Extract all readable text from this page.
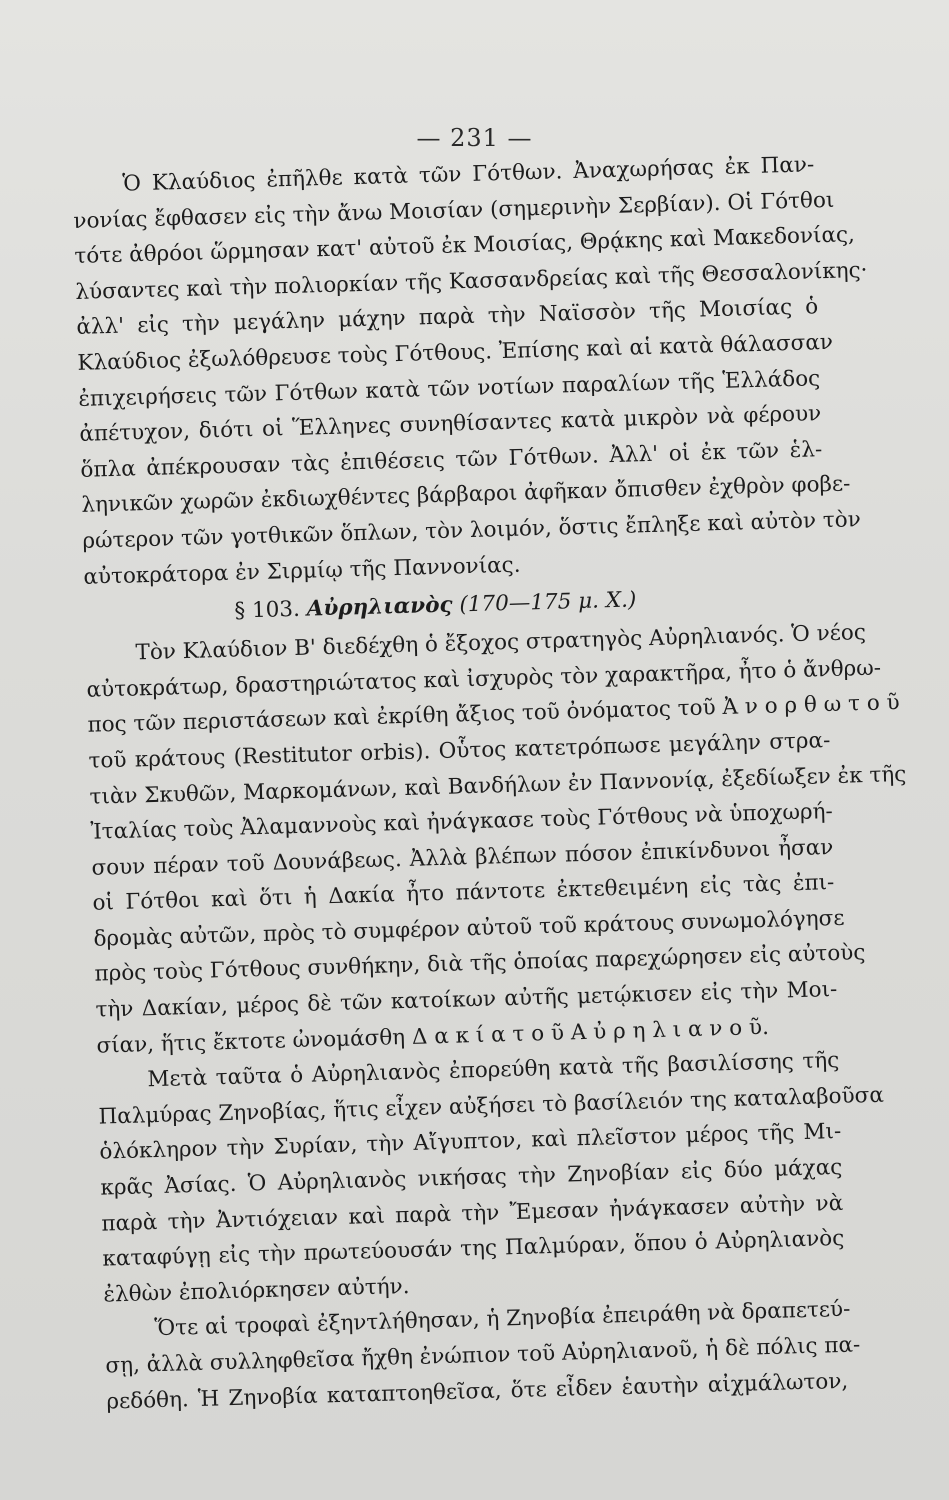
— 231 —
Ὁ Κλαύδιος ἐπῆλθε κατὰ τῶν Γότθων. Ἀναχωρήσας ἐκ Παν-
νονίας ἔφθασεν εἰς τὴν ἄνω Μοισίαν (σημερινὴν Σερβίαν). Οἱ Γότθοι
τότε ἀθρόοι ὥρμησαν κατ' αὐτοῦ ἐκ Μοισίας, Θρᾴκης καὶ Μακεδονίας,
λύσαντες καὶ τὴν πολιορκίαν τῆς Κασσανδρείας καὶ τῆς Θεσσαλονίκης·
ἀλλ' εἰς τὴν μεγάλην μάχην παρὰ τὴν Ναϊσσὸν τῆς Μοισίας ὁ
Κλαύδιος ἐξωλόθρευσε τοὺς Γότθους. Ἐπίσης καὶ αἱ κατὰ θάλασσαν
ἐπιχειρήσεις τῶν Γότθων κατὰ τῶν νοτίων παραλίων τῆς Ἑλλάδος
ἀπέτυχον, διότι οἱ Ἕλληνες συνηθίσαντες κατὰ μικρὸν νὰ φέρουν
ὅπλα ἀπέκρουσαν τὰς ἐπιθέσεις τῶν Γότθων. Ἀλλ' οἱ ἐκ τῶν ἑλ-
ληνικῶν χωρῶν ἐκδιωχθέντες βάρβαροι ἀφῆκαν ὄπισθεν ἐχθρὸν φοβε-
ρώτερον τῶν γοτθικῶν ὅπλων, τὸν λοιμόν, ὅστις ἔπληξε καὶ αὐτὸν τὸν
αὐτοκράτορα ἐν Σιρμίῳ τῆς Παννονίας.
§ 103. Αὐρηλιανὸς (170—175 μ. Χ.)
Τὸν Κλαύδιον Β' διεδέχθη ὁ ἔξοχος στρατηγὸς Αὐρηλιανός. Ὁ νέος
αὐτοκράτωρ, δραστηριώτατος καὶ ἰσχυρὸς τὸν χαρακτῆρα, ἦτο ὁ ἄνθρω-
πος τῶν περιστάσεων καὶ ἐκρίθη ἄξιος τοῦ ὀνόματος τοῦ Ἀ ν ο ρ θ ω τ ο ῦ
τοῦ κράτους (Restitutor orbis). Οὗτος κατετρόπωσε μεγάλην στρα-
τιὰν Σκυθῶν, Μαρκομάνων, καὶ Βανδήλων ἐν Παννονίᾳ, ἐξεδίωξεν ἐκ τῆς
Ἰταλίας τοὺς Ἀλαμαννοὺς καὶ ἠνάγκασε τοὺς Γότθους νὰ ὑποχωρή-
σουν πέραν τοῦ Δουνάβεως. Ἀλλὰ βλέπων πόσον ἐπικίνδυνοι ἦσαν
οἱ Γότθοι καὶ ὅτι ἡ Δακία ἦτο πάντοτε ἐκτεθειμένη εἰς τὰς ἐπι-
δρομὰς αὐτῶν, πρὸς τὸ συμφέρον αὐτοῦ τοῦ κράτους συνωμολόγησε
πρὸς τοὺς Γότθους συνθήκην, διὰ τῆς ὁποίας παρεχώρησεν εἰς αὐτοὺς
τὴν Δακίαν, μέρος δὲ τῶν κατοίκων αὐτῆς μετῴκισεν εἰς τὴν Μοι-
σίαν, ἥτις ἔκτοτε ὠνομάσθη Δ α κ ί α τ ο ῦ Α ὐ ρ η λ ι α ν ο ῦ.
Μετὰ ταῦτα ὁ Αὐρηλιανὸς ἐπορεύθη κατὰ τῆς βασιλίσσης τῆς
Παλμύρας Ζηνοβίας, ἥτις εἶχεν αὐξήσει τὸ βασίλειόν της καταλαβοῦσα
ὁλόκληρον τὴν Συρίαν, τὴν Αἴγυπτον, καὶ πλεῖστον μέρος τῆς Μι-
κρᾶς Ἀσίας. Ὁ Αὐρηλιανὸς νικήσας τὴν Ζηνοβίαν εἰς δύο μάχας
παρὰ τὴν Ἀντιόχειαν καὶ παρὰ τὴν Ἔμεσαν ἠνάγκασεν αὐτὴν νὰ
καταφύγῃ εἰς τὴν πρωτεύουσάν της Παλμύραν, ὅπου ὁ Αὐρηλιανὸς
ἐλθὼν ἐπολιόρκησεν αὐτήν.
Ὅτε αἱ τροφαὶ ἐξηντλήθησαν, ἡ Ζηνοβία ἐπειράθη νὰ δραπετεύ-
σῃ, ἀλλὰ συλληφθεῖσα ἤχθη ἐνώπιον τοῦ Αὐρηλιανοῦ, ἡ δὲ πόλις πα-
ρεδόθη. Ἡ Ζηνοβία καταπτοηθεῖσα, ὅτε εἶδεν ἑαυτὴν αἰχμάλωτον,
